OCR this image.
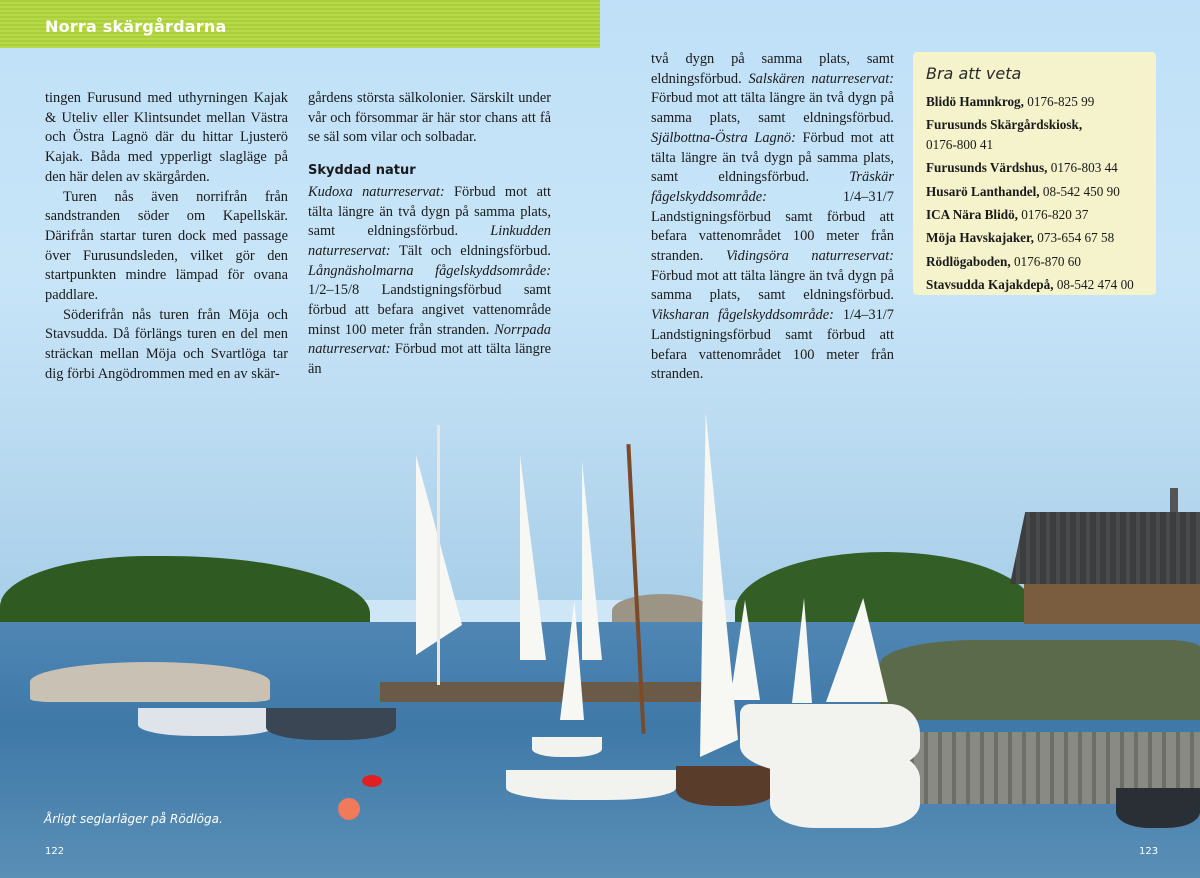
Norra skärgårdarna

tingen Furusund med uthyrningen Kajak & Uteliv eller Klintsundet mellan Västra och Östra Lagnö där du hittar Ljusterö Kajak. Båda med ypperligt slagläge på den här delen av skärgården.

Turen nås även norrifrån från sandstranden söder om Kapellskär. Därifrån startar turen dock med passage över Furusundsleden, vilket gör den startpunkten mindre lämpad för ovana paddlare.

Söderifrån nås turen från Möja och Stavsudda. Då förlängs turen en del men sträckan mellan Möja och Svartlöga tar dig förbi Angödrommen med en av skär-

gårdens största sälkolonier. Särskilt under vår och försommar är här stor chans att få se säl som vilar och solbadar.

Skyddad natur

Kudoxa naturreservat: Förbud mot att tälta längre än två dygn på samma plats, samt eldningsförbud. Linkudden naturreservat: Tält och eldningsförbud. Långnäsholmarna fågelskyddsområde: 1/2–15/8 Landstigningsförbud samt förbud att befara angivet vattenområde minst 100 meter från stranden. Norrpada naturreservat: Förbud mot att tälta längre än

två dygn på samma plats, samt eldningsförbud. Salskären naturreservat: Förbud mot att tälta längre än två dygn på samma plats, samt eldningsförbud. Själbottna-Östra Lagnö: Förbud mot att tälta längre än två dygn på samma plats, samt eldningsförbud.	Träskär fågelskyddsområde: 1/4–31/7 Landstigningsförbud samt förbud att befara vattenområdet 100 meter från stranden. Vidingsöra naturreservat: Förbud mot att tälta längre än två dygn på samma plats, samt eldningsförbud. Viksharan fågelskyddsområde: 1/4–31/7 Landstigningsförbud samt förbud att befara vattenområdet 100 meter från stranden.

Bra att veta
Blidö Hamnkrog, 0176-825 99
Furusunds Skärgårdskiosk,
0176-800 41
Furusunds Värdshus, 0176-803 44
Husarö Lanthandel, 08-542 450 90
ICA Nära Blidö, 0176-820 37
Möja Havskajaker, 073-654 67 58
Rödlögaboden, 0176-870 60
Stavsudda Kajakdepå, 08-542 474 00
Årligt seglarläger på Rödlöga.
122	123
